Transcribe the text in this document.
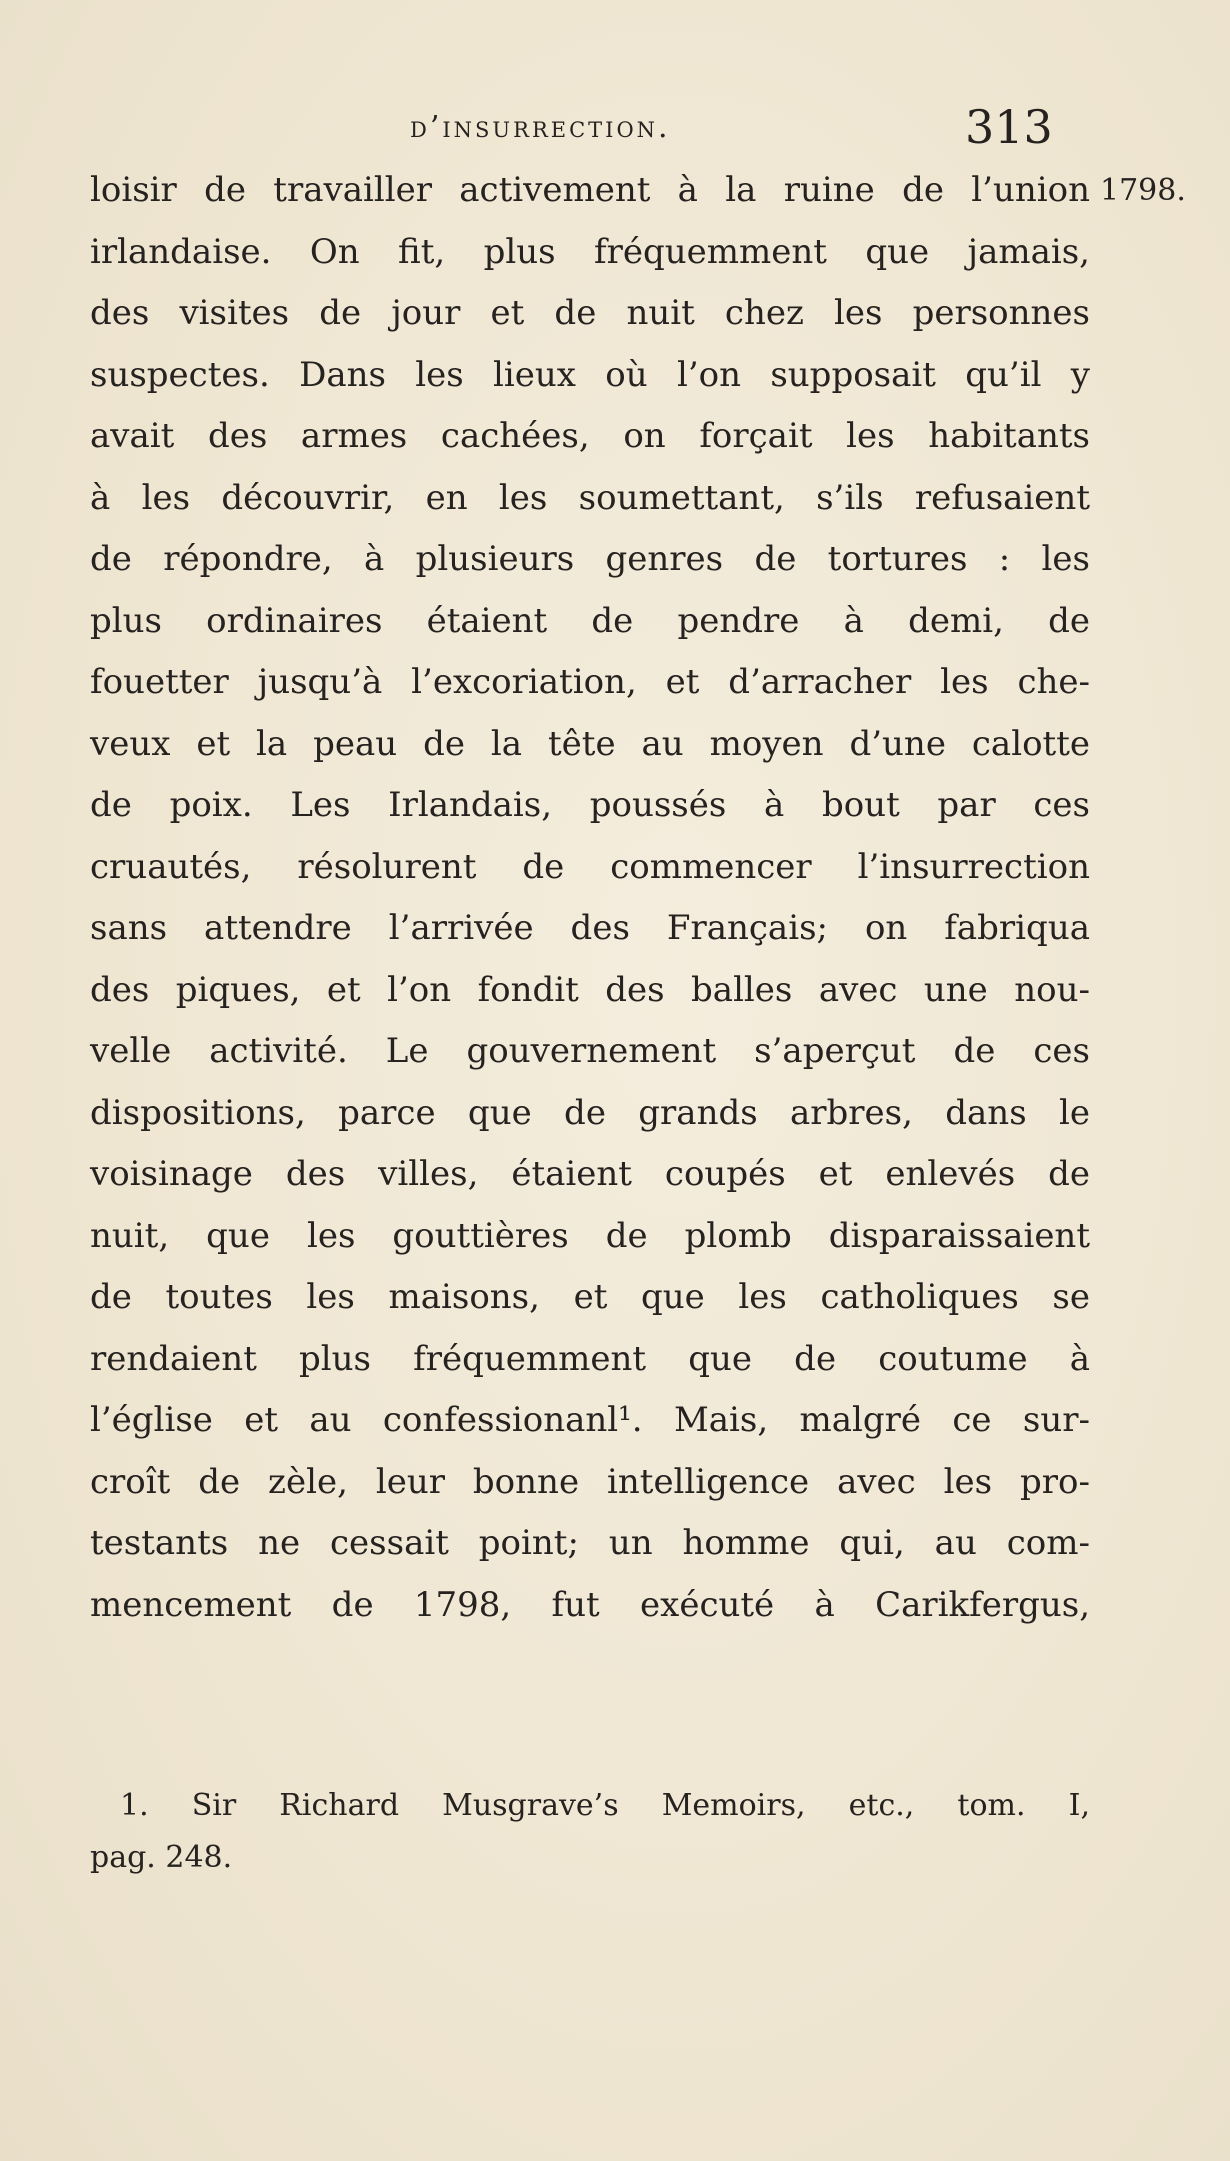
d’insurrection.	313
1798.
loisir de travailler activement à la ruine de l’union
irlandaise. On fit, plus fréquemment que jamais,
des visites de jour et de nuit chez les personnes
suspectes. Dans les lieux où l’on supposait qu’il y
avait des armes cachées, on forçait les habitants
à les découvrir, en les soumettant, s’ils refusaient
de répondre, à plusieurs genres de tortures : les
plus ordinaires étaient de pendre à demi, de
fouetter jusqu’à l’excoriation, et d’arracher les che-
veux et la peau de la tête au moyen d’une calotte
de poix. Les Irlandais, poussés à bout par ces
cruautés, résolurent de commencer l’insurrection
sans attendre l’arrivée des Français; on fabriqua
des piques, et l’on fondit des balles avec une nou-
velle activité. Le gouvernement s’aperçut de ces
dispositions, parce que de grands arbres, dans le
voisinage des villes, étaient coupés et enlevés de
nuit, que les gouttières de plomb disparaissaient
de toutes les maisons, et que les catholiques se
rendaient plus fréquemment que de coutume à
l’église et au confessionanl¹. Mais, malgré ce sur-
croît de zèle, leur bonne intelligence avec les pro-
testants ne cessait point; un homme qui, au com-
mencement de 1798, fut exécuté à Carikfergus,
1. Sir Richard Musgrave’s Memoirs, etc., tom. I,
pag. 248.
